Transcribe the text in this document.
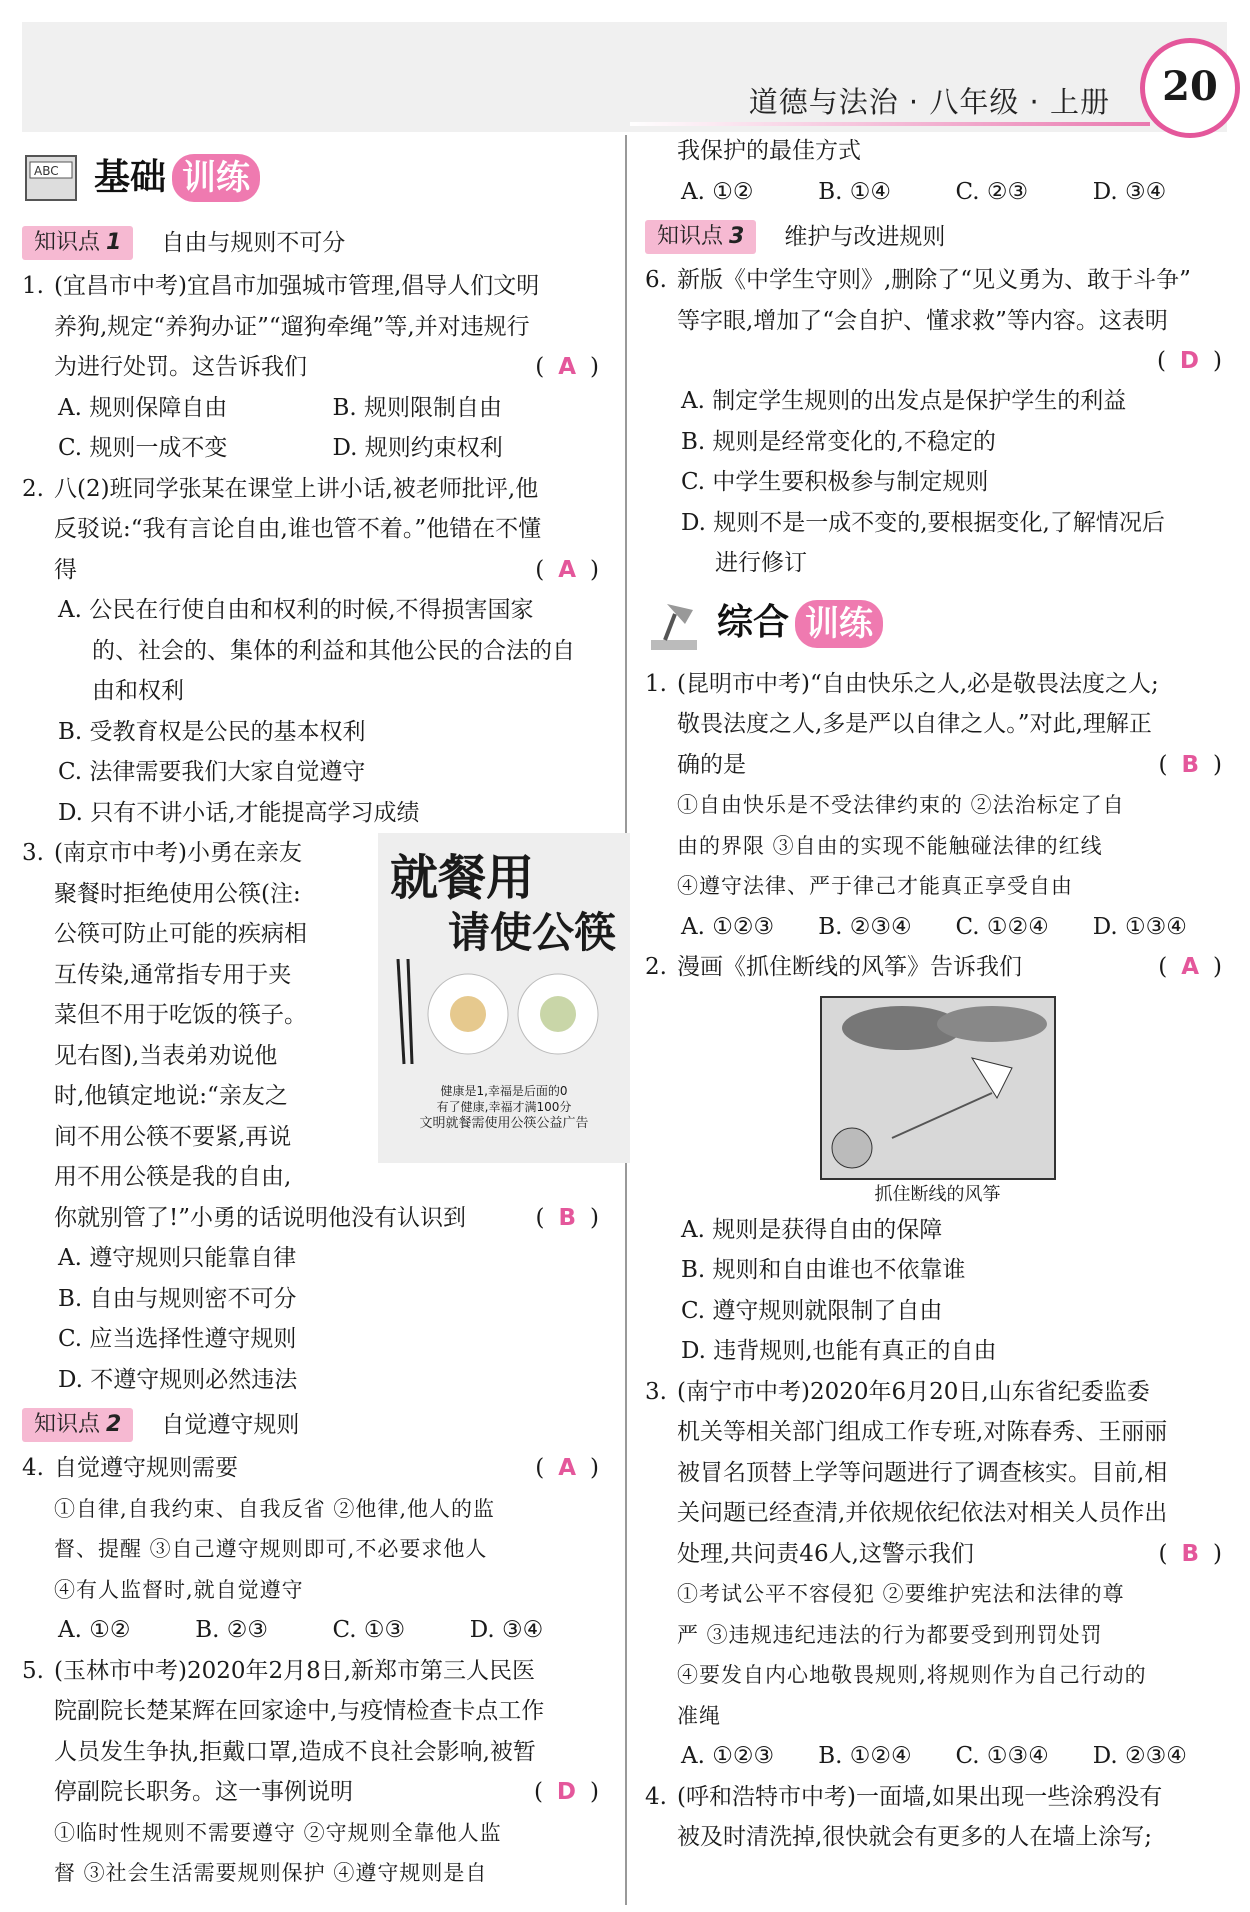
道德与法治 · 八年级 · 上册	20
ABC 基础 训练
知识点 1	自由与规则不可分
1. (宜昌市中考)宜昌市加强城市管理,倡导人们文明
养狗,规定“养狗办证”“遛狗牵绳”等,并对违规行
为进行处罚。这告诉我们	( A )
A. 规则保障自由	B. 规则限制自由
C. 规则一成不变	D. 规则约束权利
2. 八(2)班同学张某在课堂上讲小话,被老师批评,他
反驳说:“我有言论自由,谁也管不着。”他错在不懂
得	( A )
A. 公民在行使自由和权利的时候,不得损害国家
的、社会的、集体的利益和其他公民的合法的自
由和权利
B. 受教育权是公民的基本权利
C. 法律需要我们大家自觉遵守
D. 只有不讲小话,才能提高学习成绩
3. (南京市中考)小勇在亲友
聚餐时拒绝使用公筷(注:
公筷可防止可能的疾病相
互传染,通常指专用于夹
菜但不用于吃饭的筷子。
见右图),当表弟劝说他
时,他镇定地说:“亲友之
间不用公筷不要紧,再说
用不用公筷是我的自由,
你就别管了!”小勇的话说明他没有认识到	( B )
就餐用
请使公筷
健康是1,幸福是后面的0
有了健康,幸福才满100分
文明就餐需使用公筷公益广告
A. 遵守规则只能靠自律
B. 自由与规则密不可分
C. 应当选择性遵守规则
D. 不遵守规则必然违法
知识点 2	自觉遵守规则
4. 自觉遵守规则需要	( A )
①自律,自我约束、自我反省 ②他律,他人的监
督、提醒 ③自己遵守规则即可,不必要求他人
④有人监督时,就自觉遵守
A. ①②	B. ②③	C. ①③	D. ③④
5. (玉林市中考)2020年2月8日,新郑市第三人民医
院副院长楚某辉在回家途中,与疫情检查卡点工作
人员发生争执,拒戴口罩,造成不良社会影响,被暂
停副院长职务。这一事例说明	( D )
①临时性规则不需要遵守 ②守规则全靠他人监
督 ③社会生活需要规则保护 ④遵守规则是自
我保护的最佳方式
A. ①②	B. ①④	C. ②③	D. ③④
知识点 3	维护与改进规则
6. 新版《中学生守则》,删除了“见义勇为、敢于斗争”
等字眼,增加了“会自护、懂求救”等内容。这表明
( D )
A. 制定学生规则的出发点是保护学生的利益
B. 规则是经常变化的,不稳定的
C. 中学生要积极参与制定规则
D. 规则不是一成不变的,要根据变化,了解情况后
进行修订
综合 训练
1. (昆明市中考)“自由快乐之人,必是敬畏法度之人;
敬畏法度之人,多是严以自律之人。”对此,理解正
确的是	( B )
①自由快乐是不受法律约束的 ②法治标定了自
由的界限 ③自由的实现不能触碰法律的红线
④遵守法律、严于律己才能真正享受自由
A. ①②③	B. ②③④	C. ①②④	D. ①③④
2. 漫画《抓住断线的风筝》告诉我们	( A )
抓住断线的风筝
A. 规则是获得自由的保障
B. 规则和自由谁也不依靠谁
C. 遵守规则就限制了自由
D. 违背规则,也能有真正的自由
3. (南宁市中考)2020年6月20日,山东省纪委监委
机关等相关部门组成工作专班,对陈春秀、王丽丽
被冒名顶替上学等问题进行了调查核实。目前,相
关问题已经查清,并依规依纪依法对相关人员作出
处理,共问责46人,这警示我们	( B )
①考试公平不容侵犯 ②要维护宪法和法律的尊
严 ③违规违纪违法的行为都要受到刑罚处罚
④要发自内心地敬畏规则,将规则作为自己行动的
准绳
A. ①②③	B. ①②④	C. ①③④	D. ②③④
4. (呼和浩特市中考)一面墙,如果出现一些涂鸦没有
被及时清洗掉,很快就会有更多的人在墙上涂写;
